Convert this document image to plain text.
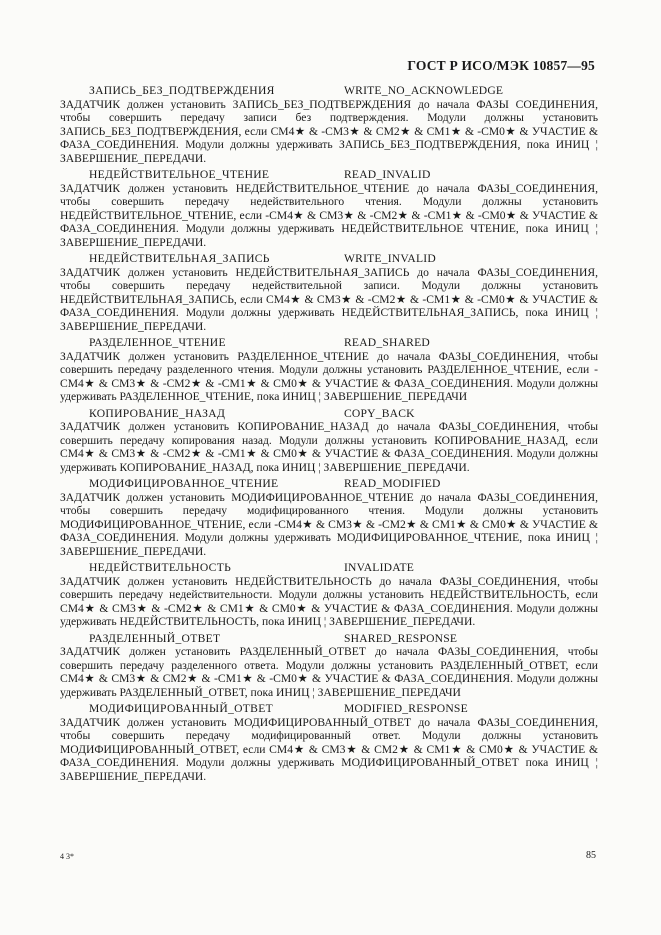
ГОСТ Р ИСО/МЭК 10857—95
ЗАПИСЬ_БЕЗ_ПОДТВЕРЖДЕНИЯ	WRITE_NO_ACKNOWLEDGE

ЗАДАТЧИК должен установить ЗАПИСЬ_БЕЗ_ПОДТВЕРЖДЕНИЯ до начала ФАЗЫ СОЕДИНЕНИЯ, чтобы совершить передачу записи без подтверждения. Модули должны установить ЗАПИСЬ_БЕЗ_ПОДТВЕРЖДЕНИЯ, если CM4★ & -CM3★ & CM2★ & CM1★ & -CM0★ & УЧАСТИЕ & ФАЗА_СОЕДИНЕНИЯ. Модули должны удерживать ЗАПИСЬ_БЕЗ_ПОДТВЕРЖДЕНИЯ, пока ИНИЦ ¦ ЗАВЕРШЕНИЕ_ПЕРЕДАЧИ.

НЕДЕЙСТВИТЕЛЬНОЕ_ЧТЕНИЕ	READ_INVALID

ЗАДАТЧИК должен установить НЕДЕЙСТВИТЕЛЬНОЕ_ЧТЕНИЕ до начала ФАЗЫ_СОЕДИНЕНИЯ, чтобы совершить передачу недействительного чтения. Модули должны установить НЕДЕЙСТВИТЕЛЬНОЕ_ЧТЕНИЕ, если -CM4★ & CM3★ & -CM2★ & -CM1★ & -CM0★ & УЧАСТИЕ & ФАЗА_СОЕДИНЕНИЯ. Модули должны удерживать НЕДЕЙСТВИТЕЛЬНОЕ ЧТЕНИЕ, пока ИНИЦ ¦ ЗАВЕРШЕНИЕ_ПЕРЕДАЧИ.

НЕДЕЙСТВИТЕЛЬНАЯ_ЗАПИСЬ	WRITE_INVALID

ЗАДАТЧИК должен установить НЕДЕЙСТВИТЕЛЬНАЯ_ЗАПИСЬ до начала ФАЗЫ_СОЕДИНЕНИЯ, чтобы совершить передачу недействительной записи. Модули должны установить НЕДЕЙСТВИТЕЛЬНАЯ_ЗАПИСЬ, если CM4★ & CM3★ & -CM2★ & -CM1★ & -CM0★ & УЧАСТИЕ & ФАЗА_СОЕДИНЕНИЯ. Модули должны удерживать НЕДЕЙСТВИТЕЛЬНАЯ_ЗАПИСЬ, пока ИНИЦ ¦ ЗАВЕРШЕНИЕ_ПЕРЕДАЧИ.

РАЗДЕЛЕННОЕ_ЧТЕНИЕ	READ_SHARED

ЗАДАТЧИК должен установить РАЗДЕЛЕННОЕ_ЧТЕНИЕ до начала ФАЗЫ_СОЕДИНЕНИЯ, чтобы совершить передачу разделенного чтения. Модули должны установить РАЗДЕЛЕННОЕ_ЧТЕНИЕ, если -CM4★ & CM3★ & -CM2★ & -CM1★ & CM0★ & УЧАСТИЕ & ФАЗА_СОЕДИНЕНИЯ. Модули должны удерживать РАЗДЕЛЕННОЕ_ЧТЕНИЕ, пока ИНИЦ ¦ ЗАВЕРШЕНИЕ_ПЕРЕДАЧИ

КОПИРОВАНИЕ_НАЗАД	COPY_BACK

ЗАДАТЧИК должен установить КОПИРОВАНИЕ_НАЗАД до начала ФАЗЫ_СОЕДИНЕНИЯ, чтобы совершить передачу копирования назад. Модули должны установить КОПИРОВАНИЕ_НАЗАД, если CM4★ & CM3★ & -CM2★ & -CM1★ & CM0★ & УЧАСТИЕ & ФАЗА_СОЕДИНЕНИЯ. Модули должны удерживать КОПИРОВАНИЕ_НАЗАД, пока ИНИЦ ¦ ЗАВЕРШЕНИЕ_ПЕРЕДАЧИ.

МОДИФИЦИРОВАННОЕ_ЧТЕНИЕ	READ_MODIFIED

ЗАДАТЧИК должен установить МОДИФИЦИРОВАННОЕ_ЧТЕНИЕ до начала ФАЗЫ_СОЕДИНЕНИЯ, чтобы совершить передачу модифицированного чтения. Модули должны установить МОДИФИЦИРОВАННОЕ_ЧТЕНИЕ, если -CM4★ & CM3★ & -CM2★ & CM1★ & CM0★ & УЧАСТИЕ & ФАЗА_СОЕДИНЕНИЯ. Модули должны удерживать МОДИФИЦИРОВАННОЕ_ЧТЕНИЕ, пока ИНИЦ ¦ ЗАВЕРШЕНИЕ_ПЕРЕДАЧИ.

НЕДЕЙСТВИТЕЛЬНОСТЬ	INVALIDATE

ЗАДАТЧИК должен установить НЕДЕЙСТВИТЕЛЬНОСТЬ до начала ФАЗЫ_СОЕДИНЕНИЯ, чтобы совершить передачу недействительности. Модули должны установить НЕДЕЙСТВИТЕЛЬНОСТЬ, если CM4★ & CM3★ & -CM2★ & CM1★ & CM0★ & УЧАСТИЕ & ФАЗА_СОЕДИНЕНИЯ. Модули должны удерживать НЕДЕЙСТВИТЕЛЬНОСТЬ, пока ИНИЦ ¦ ЗАВЕРШЕНИЕ_ПЕРЕДАЧИ.

РАЗДЕЛЕННЫЙ_ОТВЕТ	SHARED_RESPONSE

ЗАДАТЧИК должен установить РАЗДЕЛЕННЫЙ_ОТВЕТ до начала ФАЗЫ_СОЕДИНЕНИЯ, чтобы совершить передачу разделенного ответа. Модули должны установить РАЗДЕЛЕННЫЙ_ОТВЕТ, если CM4★ & CM3★ & CM2★ & -CM1★ & -CM0★ & УЧАСТИЕ & ФАЗА_СОЕДИНЕНИЯ. Модули должны удерживать РАЗДЕЛЕННЫЙ_ОТВЕТ, пока ИНИЦ ¦ ЗАВЕРШЕНИЕ_ПЕРЕДАЧИ

МОДИФИЦИРОВАННЫЙ_ОТВЕТ	MODIFIED_RESPONSE

ЗАДАТЧИК должен установить МОДИФИЦИРОВАННЫЙ_ОТВЕТ до начала ФАЗЫ_СОЕДИНЕНИЯ, чтобы совершить передачу модифицированный ответ. Модули должны установить МОДИФИЦИРОВАННЫЙ_ОТВЕТ, если CM4★ & CM3★ & CM2★ & CM1★ & CM0★ & УЧАСТИЕ & ФАЗА_СОЕДИНЕНИЯ. Модули должны удерживать МОДИФИЦИРОВАННЫЙ_ОТВЕТ пока ИНИЦ ¦ ЗАВЕРШЕНИЕ_ПЕРЕДАЧИ.

4 3*	85
